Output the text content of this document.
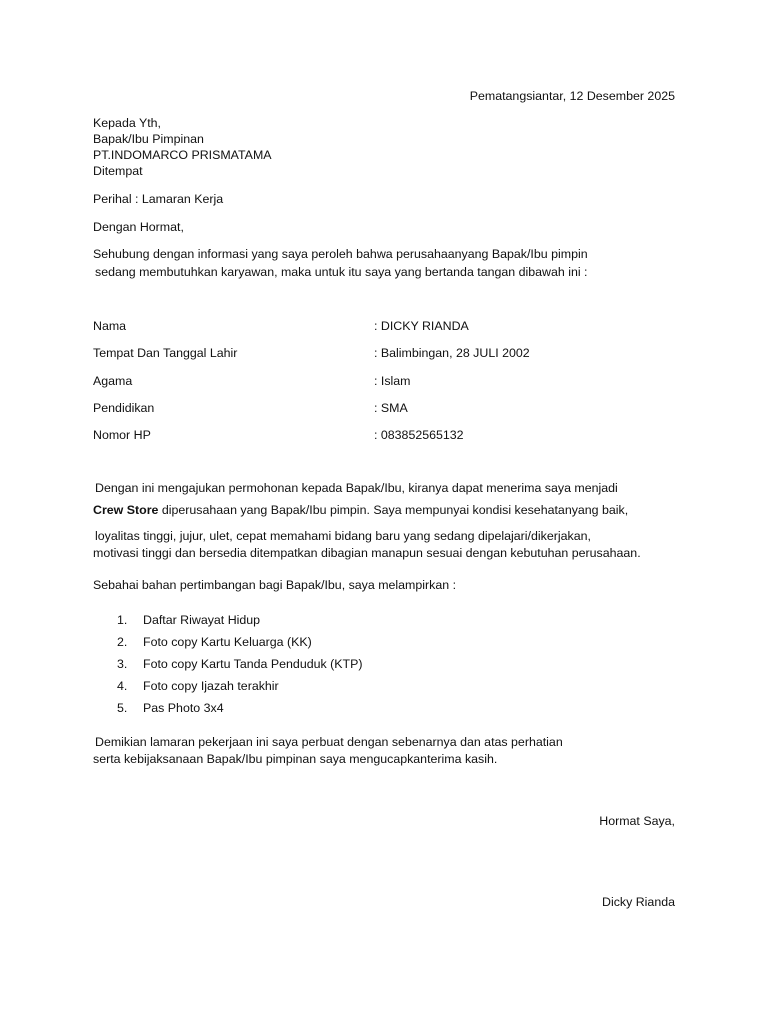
Pematangsiantar, 12 Desember 2025
Kepada Yth,
Bapak/Ibu Pimpinan
PT.INDOMARCO PRISMATAMA
Ditempat
Perihal : Lamaran Kerja
Dengan Hormat,
Sehubung dengan informasi yang saya peroleh bahwa perusahaanyang Bapak/Ibu pimpin
sedang membutuhkan karyawan, maka untuk itu saya yang bertanda tangan dibawah ini :
Nama	: DICKY RIANDA
Tempat Dan Tanggal Lahir	: Balimbingan, 28 JULI 2002
Agama	: Islam
Pendidikan	: SMA
Nomor HP	: 083852565132
Dengan ini mengajukan permohonan kepada Bapak/Ibu, kiranya dapat menerima saya menjadi
Crew Store diperusahaan yang Bapak/Ibu pimpin. Saya mempunyai kondisi kesehatanyang baik,
loyalitas tinggi, jujur, ulet, cepat memahami bidang baru yang sedang dipelajari/dikerjakan,
motivasi tinggi dan bersedia ditempatkan dibagian manapun sesuai dengan kebutuhan perusahaan.
Sebahai bahan pertimbangan bagi Bapak/Ibu, saya melampirkan :
1. Daftar Riwayat Hidup
2. Foto copy Kartu Keluarga (KK)
3. Foto copy Kartu Tanda Penduduk (KTP)
4. Foto copy Ijazah terakhir
5. Pas Photo 3x4
Demikian lamaran pekerjaan ini saya perbuat dengan sebenarnya dan atas perhatian
serta kebijaksanaan Bapak/Ibu pimpinan saya mengucapkanterima kasih.
Hormat Saya,
Dicky Rianda
